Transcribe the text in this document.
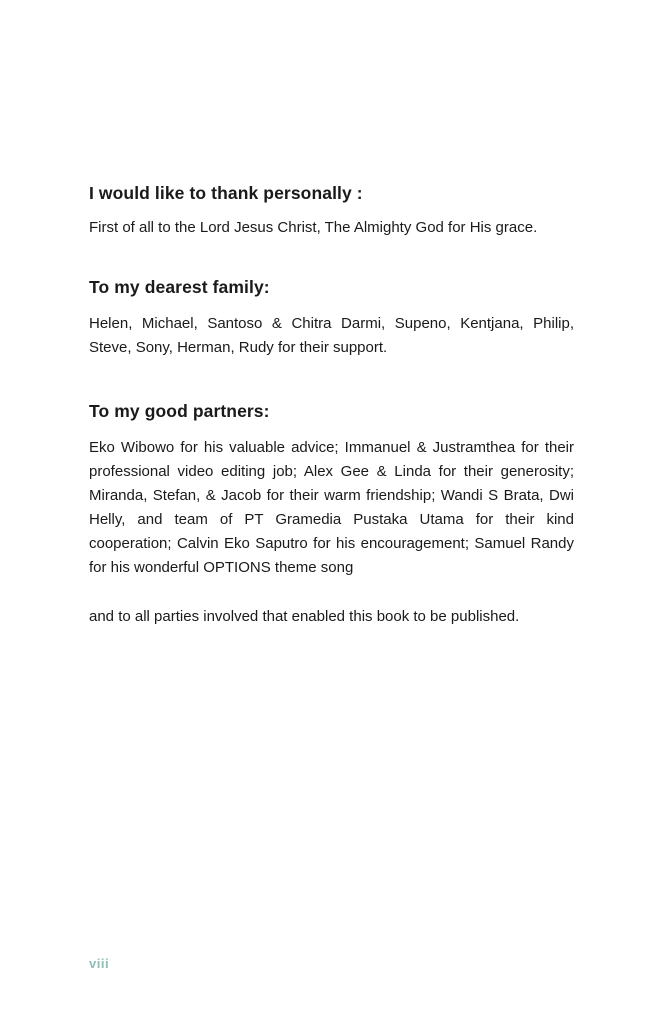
I would like to thank personally :

First of all to the Lord Jesus Christ, The Almighty God for His grace.

To my dearest family:

Helen, Michael, Santoso & Chitra Darmi, Supeno, Kentjana, Philip, Steve, Sony, Herman, Rudy for their support.

To my good partners:

Eko Wibowo for his valuable advice; Immanuel & Justramthea for their professional video editing job; Alex Gee & Linda for their generosity; Miranda, Stefan, & Jacob for their warm friendship; Wandi S Brata, Dwi Helly, and team of PT Gramedia Pustaka Utama for their kind cooperation; Calvin Eko Saputro for his encouragement; Samuel Randy for his wonderful OPTIONS theme song

and to all parties involved that enabled this book to be published.

viii
